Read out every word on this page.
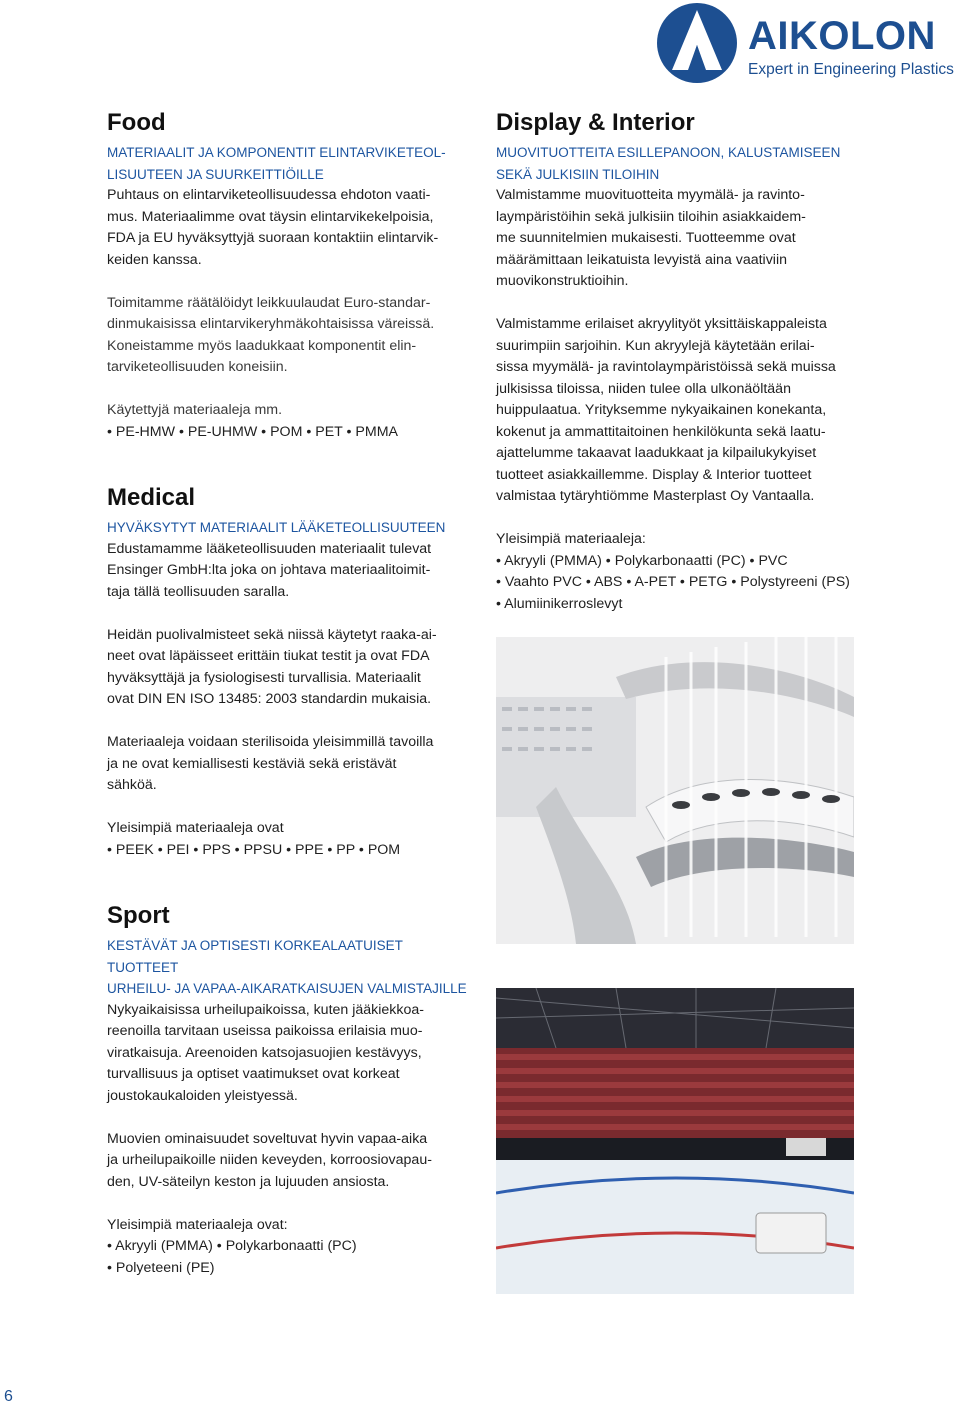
AIKOLON
Expert in Engineering Plastics
Food

MATERIAALIT JA KOMPONENTIT ELINTARVIKETEOL-
LISUUTEEN JA SUURKEITTIÖILLE

Puhtaus on elintarviketeollisuudessa ehdoton vaati-
mus. Materiaalimme ovat täysin elintarvikekelpoisia,
FDA ja EU hyväksyttyjä suoraan kontaktiin elintarvik-
keiden kanssa.

Toimitamme räätälöidyt leikkuulaudat Euro-standar-
dinmukaisissa elintarvikeryhmäkohtaisissa väreissä.
Koneistamme myös laadukkaat komponentit elin-
tarviketeollisuuden koneisiin.

Käytettyjä materiaaleja mm.

• PE-HMW • PE-UHMW • POM • PET • PMMA

Medical

HYVÄKSYTYT MATERIAALIT LÄÄKETEOLLISUUTEEN

Edustamamme lääketeollisuuden materiaalit tulevat
Ensinger GmbH:lta joka on johtava materiaalitoimit-
taja tällä teollisuuden saralla.

Heidän puolivalmisteet sekä niissä käytetyt raaka-ai-
neet ovat läpäisseet erittäin tiukat testit ja ovat FDA
hyväksyttäjä ja fysiologisesti turvallisia. Materiaalit
ovat DIN EN ISO 13485: 2003 standardin mukaisia.

Materiaaleja voidaan sterilisoida yleisimmillä tavoilla
ja ne ovat kemiallisesti kestäviä sekä eristävät
sähköä.

Yleisimpiä materiaaleja ovat

• PEEK • PEI • PPS • PPSU • PPE • PP • POM

Sport

KESTÄVÄT JA OPTISESTI KORKEALAATUISET TUOTTEET
URHEILU- JA VAPAA-AIKARATKAISUJEN VALMISTAJILLE

Nykyaikaisissa urheilupaikoissa, kuten jääkiekkoa-
reenoilla tarvitaan useissa paikoissa erilaisia muo-
viratkaisuja. Areenoiden katsojasuojien kestävyys,
turvallisuus ja optiset vaatimukset ovat korkeat
joustokaukaloiden yleistyessä.

Muovien ominaisuudet soveltuvat hyvin vapaa-aika
ja urheilupaikoille niiden keveyden, korroosiovapau-
den, UV-säteilyn keston ja lujuuden ansiosta.

Yleisimpiä materiaaleja ovat:

• Akryyli (PMMA) • Polykarbonaatti (PC)
• Polyeteeni (PE)
Display & Interior

MUOVITUOTTEITA ESILLEPANOON, KALUSTAMISEEN
SEKÄ JULKISIIN TILOIHIN

Valmistamme muovituotteita myymälä- ja ravinto-
laympäristöihin sekä julkisiin tiloihin asiakkaidem-
me suunnitelmien mukaisesti. Tuotteemme ovat
määrämittaan leikatuista levyistä aina vaativiin
muovikonstruktioihin.

Valmistamme erilaiset akryylityöt yksittäiskappaleista
suurimpiin sarjoihin. Kun akryylejä käytetään erilai-
sissa myymälä- ja ravintolaympäristöissä sekä muissa
julkisissa tiloissa, niiden tulee olla ulkonäöltään
huippulaatua. Yrityksemme nykyaikainen konekanta,
kokenut ja ammattitaitoinen henkilökunta sekä laatu-
ajattelumme takaavat laadukkaat ja kilpailukykyiset
tuotteet asiakkaillemme. Display & Interior tuotteet
valmistaa tytäryhtiömme Masterplast Oy Vantaalla.

Yleisimpiä materiaaleja:

• Akryyli (PMMA) • Polykarbonaatti (PC) • PVC
• Vaahto PVC • ABS • A-PET • PETG • Polystyreeni (PS)
• Alumiinikerroslevyt
6
